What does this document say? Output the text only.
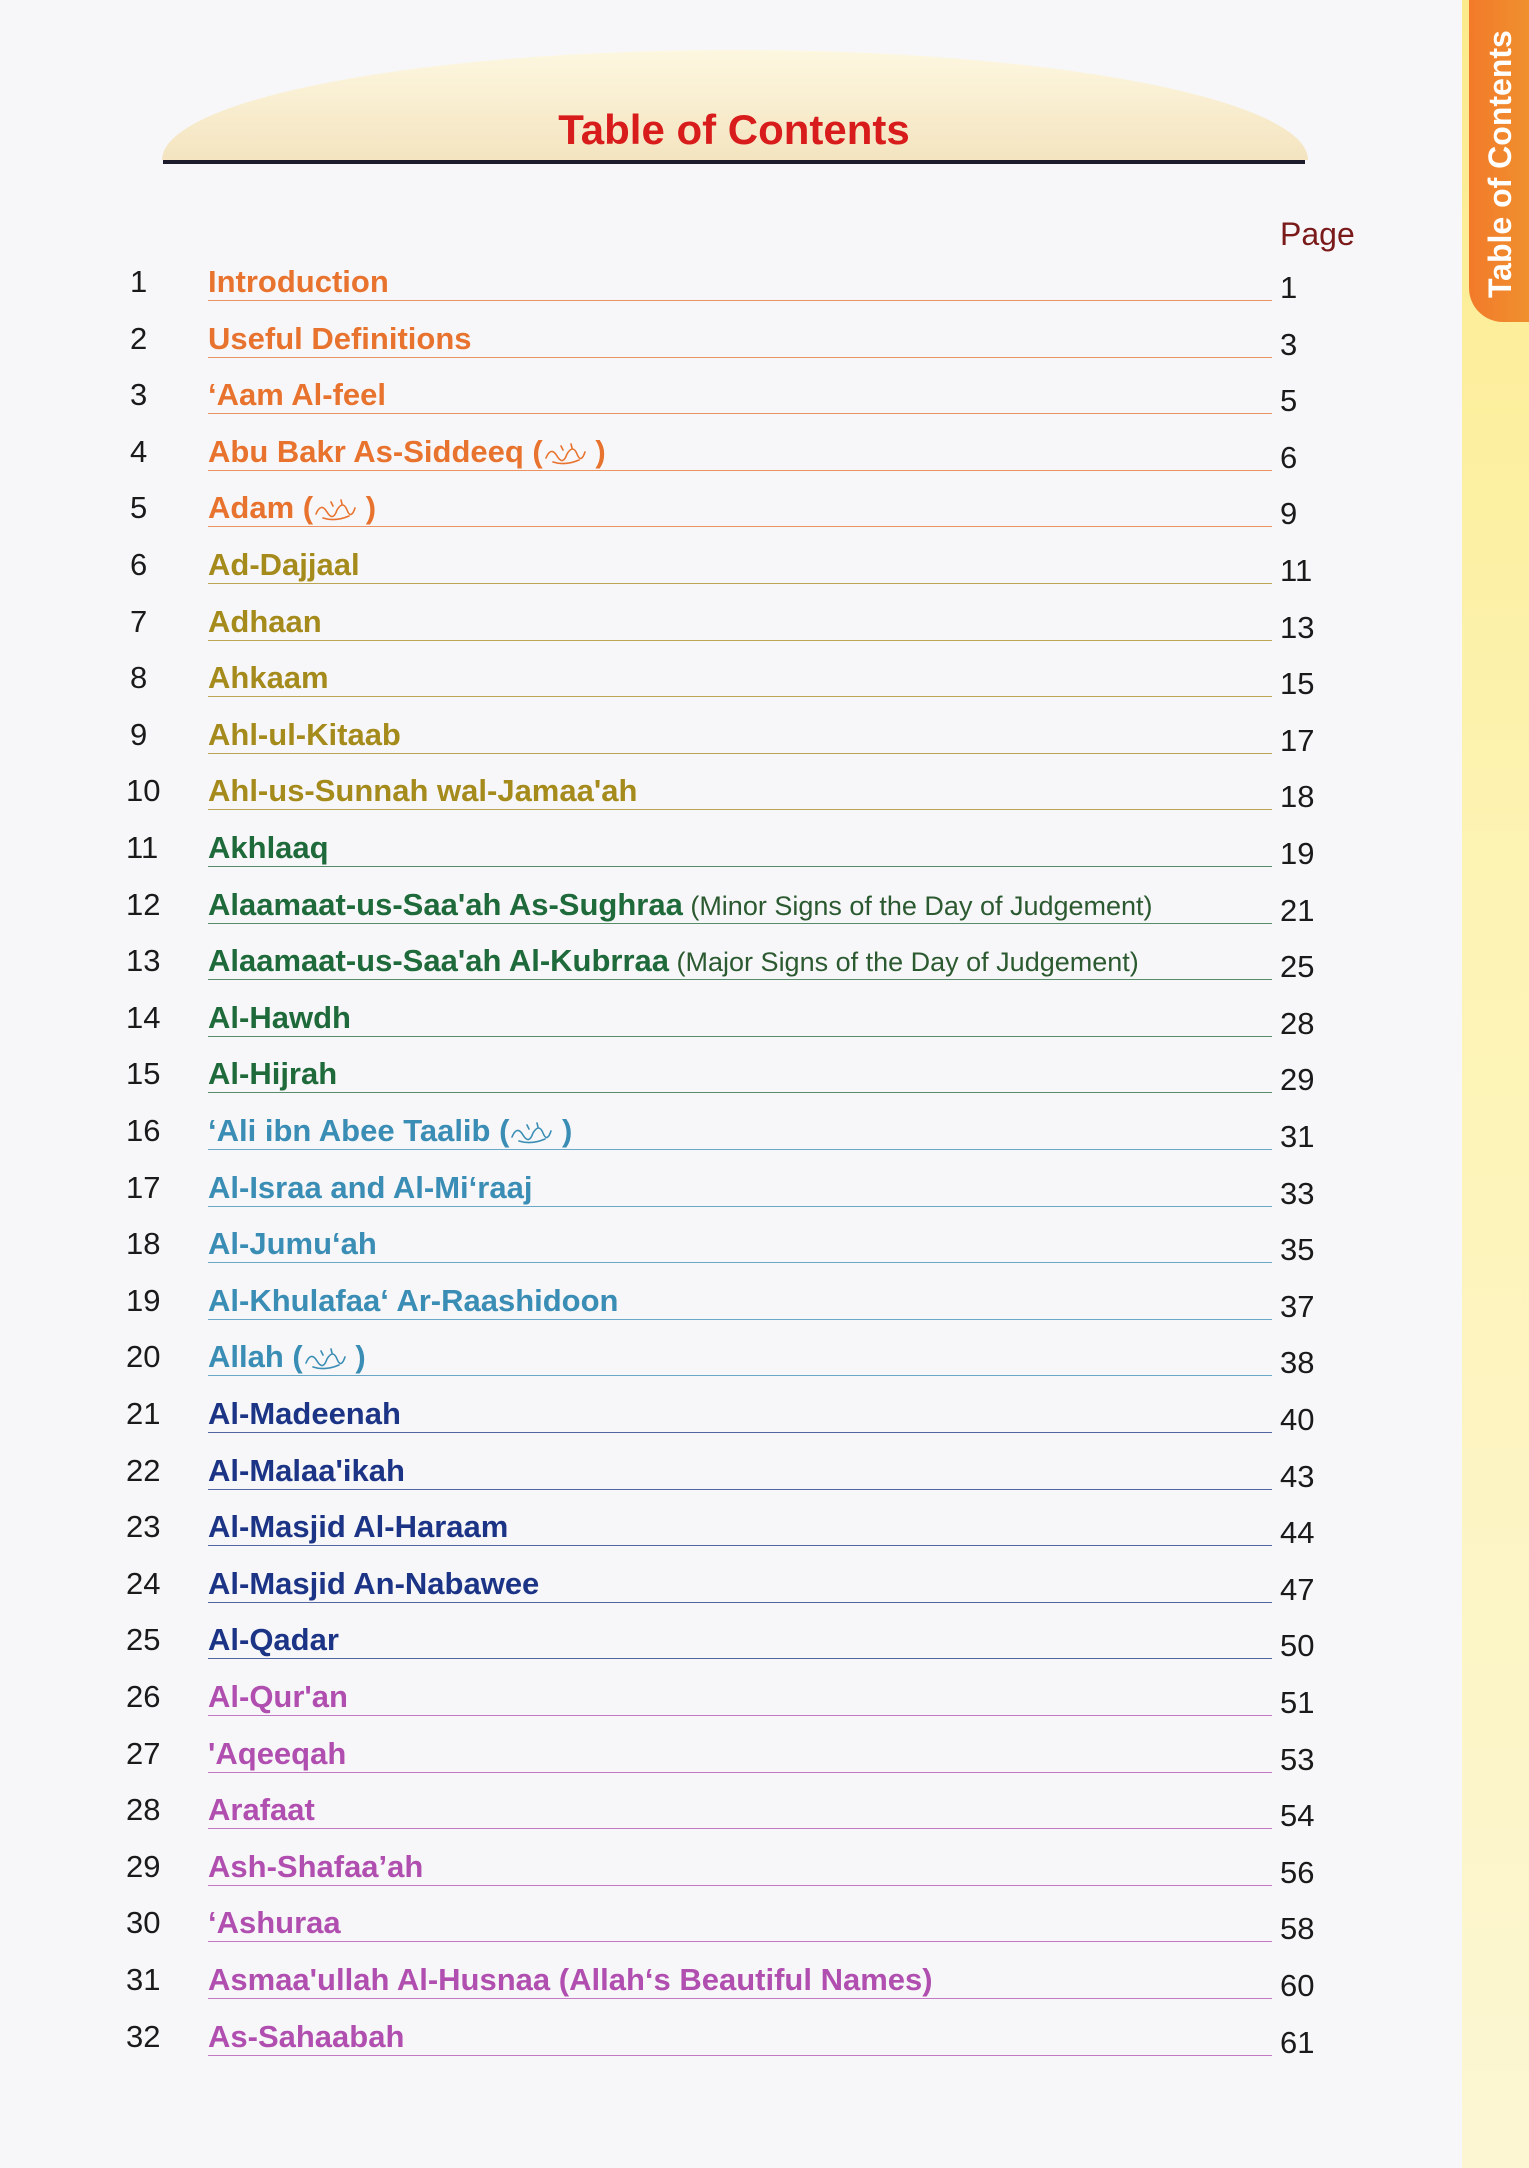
Table of Contents
Table of Contents
Page
1 Introduction	1
2 Useful Definitions	3
3 ‘Aam Al-feel	5
4 Abu Bakr As-Siddeeq ( )	6
5 Adam ( )	9
6 Ad-Dajjaal	11
7 Adhaan	13
8 Ahkaam	15
9 Ahl-ul-Kitaab	17
10 Ahl-us-Sunnah wal-Jamaa'ah	18
11 Akhlaaq	19
12 Alaamaat-us-Saa'ah As-Sughraa (Minor Signs of the Day of Judgement)	21
13 Alaamaat-us-Saa'ah Al-Kubrraa (Major Signs of the Day of Judgement)	25
14 Al-Hawdh	28
15 Al-Hijrah	29
16 ‘Ali ibn Abee Taalib ( )	31
17 Al-Israa and Al-Mi‘raaj	33
18 Al-Jumu‘ah	35
19 Al-Khulafaa‘ Ar-Raashidoon	37
20 Allah ( )	38
21 Al-Madeenah	40
22 Al-Malaa'ikah	43
23 Al-Masjid Al-Haraam	44
24 Al-Masjid An-Nabawee	47
25 Al-Qadar	50
26 Al-Qur'an	51
27 'Aqeeqah	53
28 Arafaat	54
29 Ash-Shafaa’ah	56
30 ‘Ashuraa	58
31 Asmaa'ullah Al-Husnaa (Allah‘s Beautiful Names)	60
32 As-Sahaabah	61
